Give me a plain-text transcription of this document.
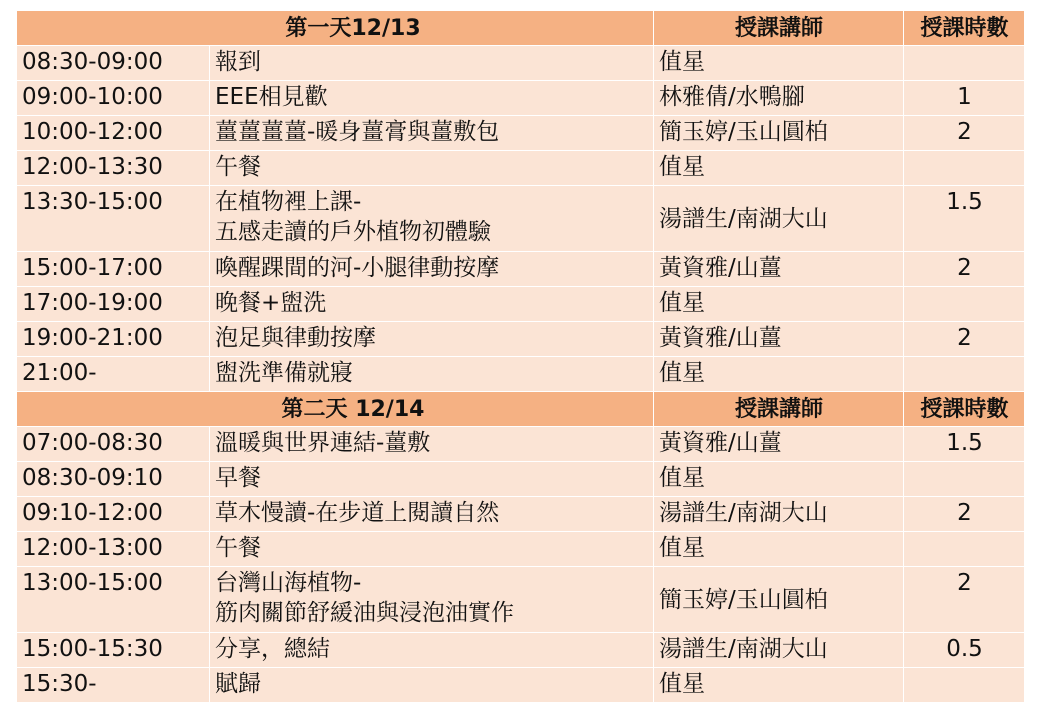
第一天12/13		授課講師	授課時數
08:30-09:00	報到	值星	
09:00-10:00	EEE相見歡	林雅倩/水鴨腳	1
10:00-12:00	薑薑薑薑-暖身薑膏與薑敷包	簡玉婷/玉山圓柏	2
12:00-13:30	午餐	值星	
13:30-15:00	在植物裡上課-
五感走讀的戶外植物初體驗	湯譜生/南湖大山	1.5
15:00-17:00	喚醒踝間的河-小腿律動按摩	黃資雅/山薑	2
17:00-19:00	晚餐+盥洗	值星	
19:00-21:00	泡足與律動按摩	黃資雅/山薑	2
21:00-	盥洗準備就寢	值星	
第二天 12/14		授課講師	授課時數
07:00-08:30	溫暖與世界連結-薑敷	黃資雅/山薑	1.5
08:30-09:10	早餐	值星	
09:10-12:00	草木慢讀-在步道上閱讀自然	湯譜生/南湖大山	2
12:00-13:00	午餐	值星	
13:00-15:00	台灣山海植物-
筋肉關節舒緩油與浸泡油實作	簡玉婷/玉山圓柏	2
15:00-15:30	分享，總結	湯譜生/南湖大山	0.5
15:30-	賦歸	值星	
